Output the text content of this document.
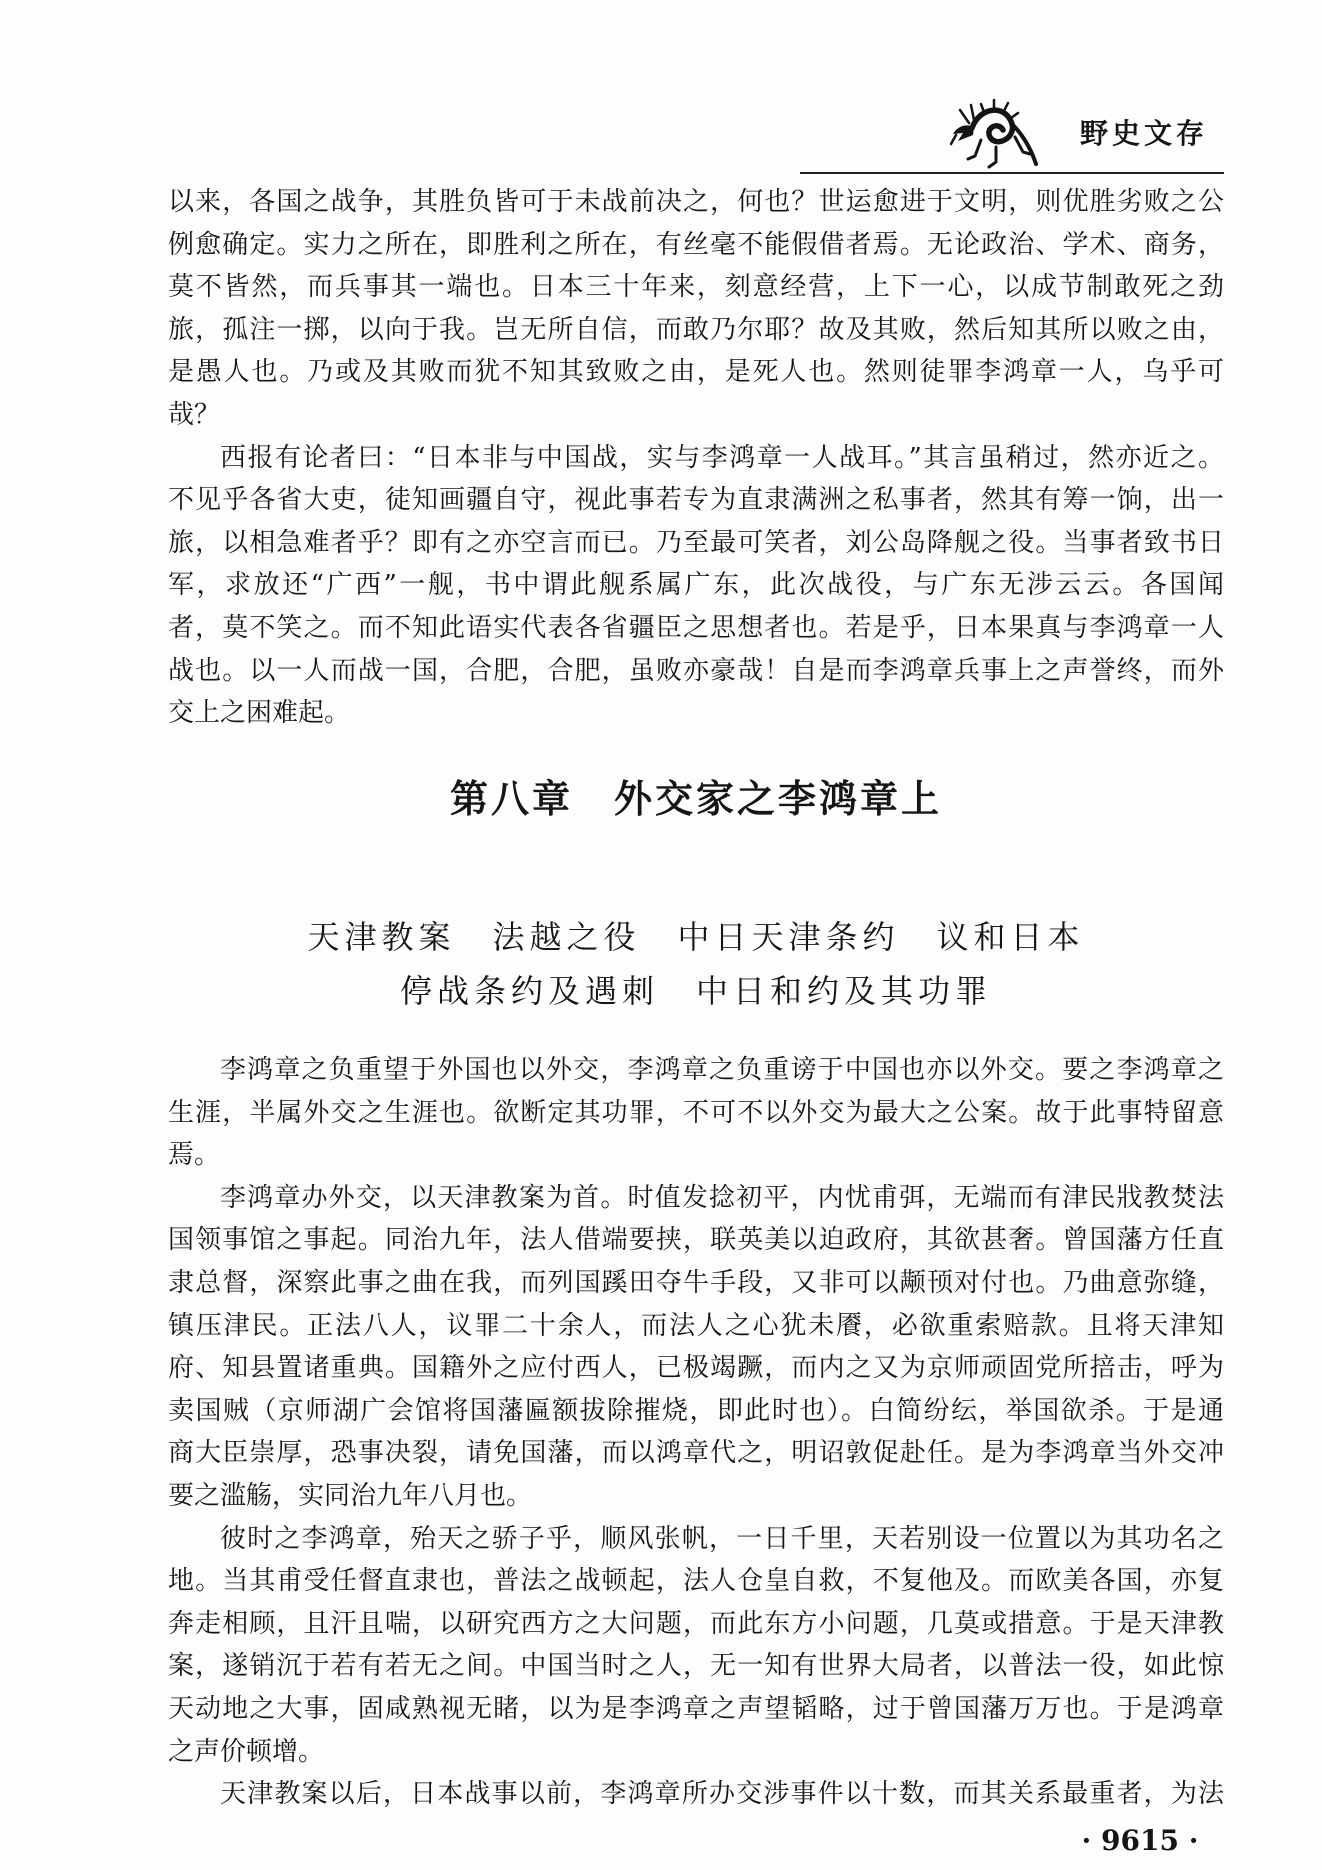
野史文存
以来，各国之战争，其胜负皆可于未战前决之，何也？世运愈进于文明，则优胜劣败之公
例愈确定。实力之所在，即胜利之所在，有丝毫不能假借者焉。无论政治、学术、商务，
莫不皆然，而兵事其一端也。日本三十年来，刻意经营，上下一心，以成节制敢死之劲
旅，孤注一掷，以向于我。岂无所自信，而敢乃尔耶？故及其败，然后知其所以败之由，
是愚人也。乃或及其败而犹不知其致败之由，是死人也。然则徒罪李鸿章一人，乌乎可
哉？
西报有论者曰：“日本非与中国战，实与李鸿章一人战耳。”其言虽稍过，然亦近之。
不见乎各省大吏，徒知画疆自守，视此事若专为直隶满洲之私事者，然其有筹一饷，出一
旅，以相急难者乎？即有之亦空言而已。乃至最可笑者，刘公岛降舰之役。当事者致书日
军，求放还“广西”一舰，书中谓此舰系属广东，此次战役，与广东无涉云云。各国闻
者，莫不笑之。而不知此语实代表各省疆臣之思想者也。若是乎，日本果真与李鸿章一人
战也。以一人而战一国，合肥，合肥，虽败亦豪哉！自是而李鸿章兵事上之声誉终，而外
交上之困难起。
第八章　外交家之李鸿章上
天津教案　法越之役　中日天津条约　议和日本
停战条约及遇刺　中日和约及其功罪
李鸿章之负重望于外国也以外交，李鸿章之负重谤于中国也亦以外交。要之李鸿章之
生涯，半属外交之生涯也。欲断定其功罪，不可不以外交为最大之公案。故于此事特留意
焉。
李鸿章办外交，以天津教案为首。时值发捻初平，内忧甫弭，无端而有津民戕教焚法
国领事馆之事起。同治九年，法人借端要挟，联英美以迫政府，其欲甚奢。曾国藩方任直
隶总督，深察此事之曲在我，而列国蹊田夺牛手段，又非可以颟顸对付也。乃曲意弥缝，
镇压津民。正法八人，议罪二十余人，而法人之心犹未餍，必欲重索赔款。且将天津知
府、知县置诸重典。国籍外之应付西人，已极竭蹶，而内之又为京师顽固党所掊击，呼为
卖国贼（京师湖广会馆将国藩匾额拔除摧烧，即此时也）。白简纷纭，举国欲杀。于是通
商大臣崇厚，恐事决裂，请免国藩，而以鸿章代之，明诏敦促赴任。是为李鸿章当外交冲
要之滥觞，实同治九年八月也。
彼时之李鸿章，殆天之骄子乎，顺风张帆，一日千里，天若别设一位置以为其功名之
地。当其甫受任督直隶也，普法之战顿起，法人仓皇自救，不复他及。而欧美各国，亦复
奔走相顾，且汗且喘，以研究西方之大问题，而此东方小问题，几莫或措意。于是天津教
案，遂销沉于若有若无之间。中国当时之人，无一知有世界大局者，以普法一役，如此惊
天动地之大事，固咸熟视无睹，以为是李鸿章之声望韬略，过于曾国藩万万也。于是鸿章
之声价顿增。
天津教案以后，日本战事以前，李鸿章所办交涉事件以十数，而其关系最重者，为法
· 9615 ·
